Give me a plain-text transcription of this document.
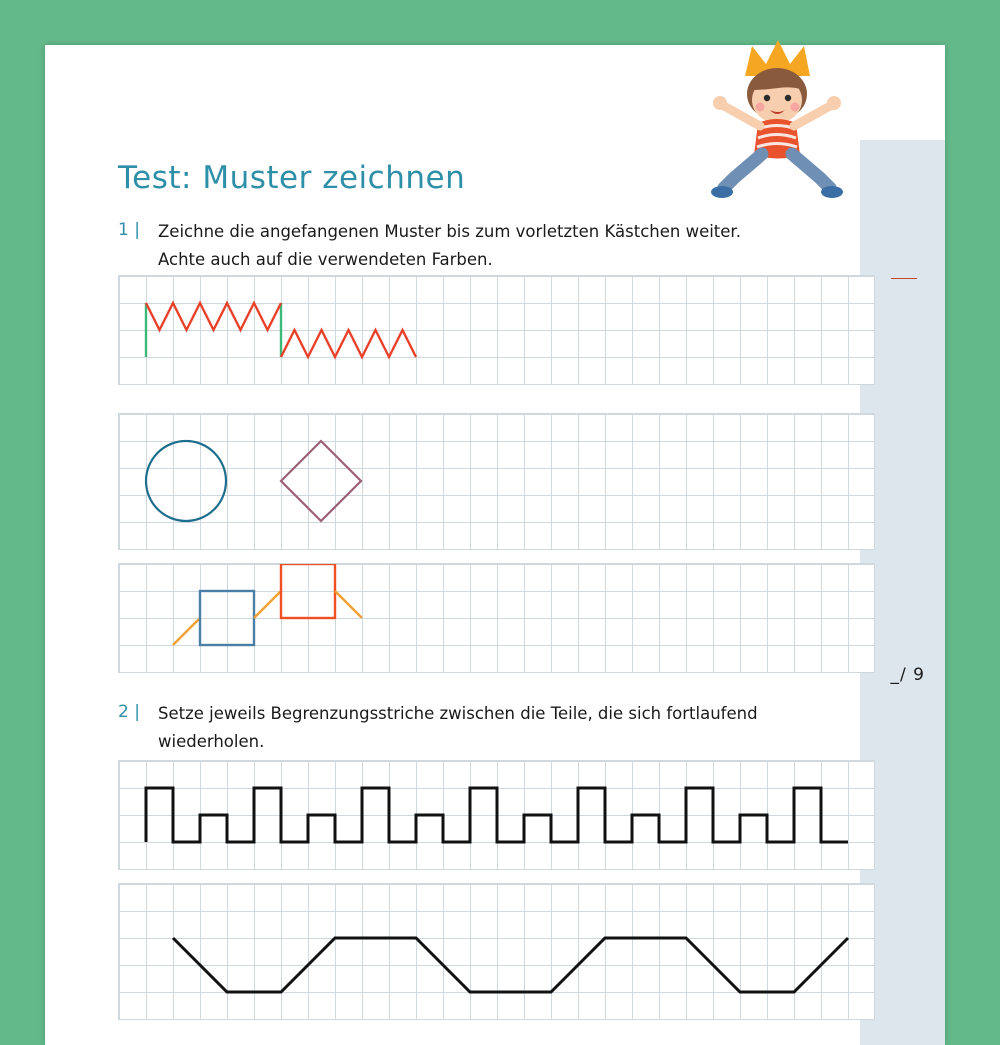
Test: Muster zeichnen
1 | Zeichne die angefangenen Muster bis zum vorletzten Kästchen weiter. Achte auch auf die verwendeten Farben.
_/ 9
2 | Setze jeweils Begrenzungsstriche zwischen die Teile, die sich fortlaufend wiederholen.
